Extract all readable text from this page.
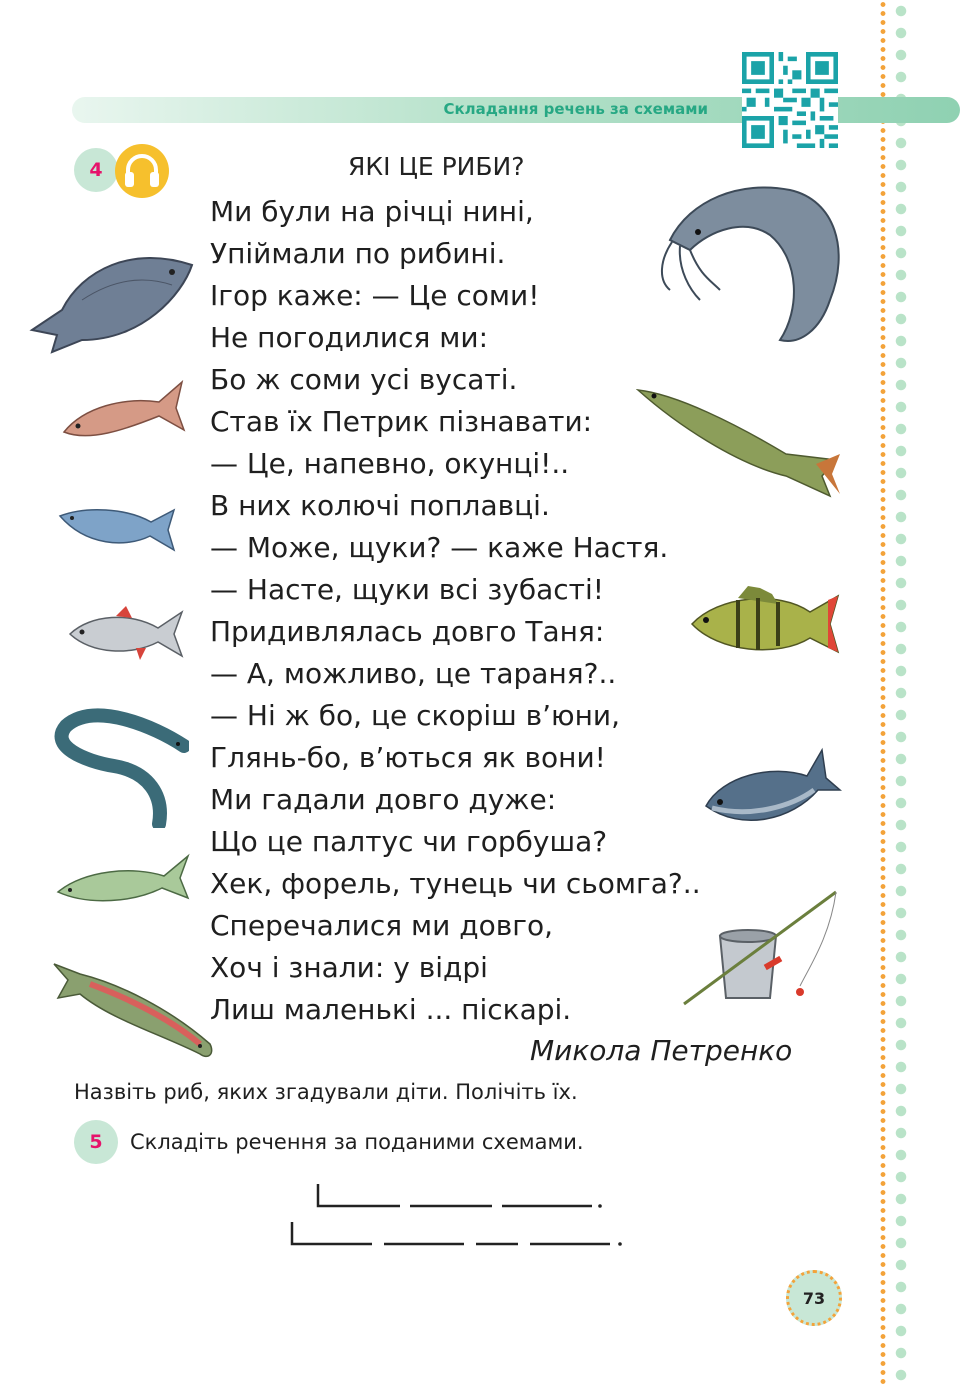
Складання речень за схемами
4	ЯКІ ЦЕ РИБИ?
Ми були на річці нині,
Упіймали по рибині.
Ігор каже: — Це соми!
Не погодилися ми:
Бо ж соми усі вусаті.
Став їх Петрик пізнавати:
— Це, напевно, окунці!..
В них колючі поплавці.
— Може, щуки? — каже Настя.
— Насте, щуки всі зубасті!
Придивлялась довго Таня:
— А, можливо, це тараня?..
— Ні ж бо, це скоріш в’юни,
Глянь-бо, в’ються як вони!
Ми гадали довго дуже:
Що це палтус чи горбуша?
Хек, форель, тунець чи сьомга?..
Сперечалися ми довго,
Хоч і знали: у відрі
Лиш маленькі ... піскарі.
Микола Петренко
Назвіть риб, яких згадували діти. Полічіть їх.
5	Складіть речення за поданими схемами.
73
